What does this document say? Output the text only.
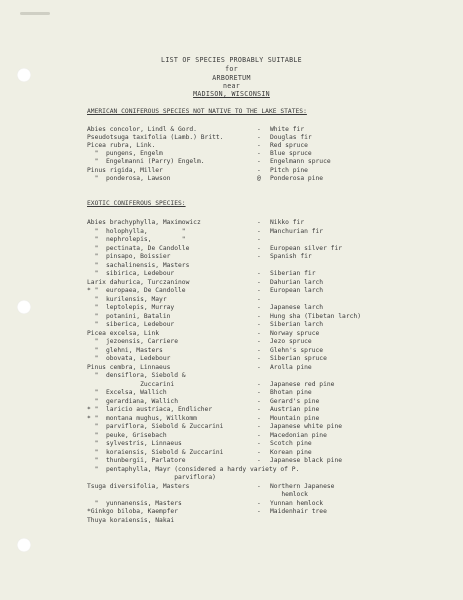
LIST OF SPECIES PROBABLY SUITABLE
for
ARBORETUM
near
MADISON, WISCONSIN
AMERICAN CONIFEROUS SPECIES NOT NATIVE TO THE LAKE STATES:
Abies concolor, Lindl & Gord.	- White fir
Pseudotsuga taxifolia (Lamb.) Britt.	- Douglas fir
Picea rubra, Link.	- Red spruce
"  pungens, Engelm	- Blue spruce
"  Engelmanni (Parry) Engelm.	- Engelmann spruce
Pinus rigida, Miller	- Pitch pine
"  ponderosa, Lawson	@ Ponderosa pine
EXOTIC CONIFEROUS SPECIES:
Abies brachyphylla, Maximowicz	- Nikko fir
"  holophylla,         "	- Manchurian fir
"  nephrolepis,        "	-
"  pectinata, De Candolle	- European silver fir
"  pinsapo, Boissier	- Spanish fir
"  sachalinensis, Masters
"  sibirica, Ledebour	- Siberian fir
Larix dahurica, Turczaninow	- Dahurian larch
* "  europaea, De Candolle	- European larch
"  kurilensis, Mayr	-
"  leptolepis, Murray	- Japanese larch
"  potanini, Batalin	- Hung sha (Tibetan larch)
"  siberica, Ledebour	- Siberian larch
Picea excelsa, Link	- Norway spruce
"  jezoensis, Carriere	- Jezo spruce
"  glehni, Masters	- Glehn's spruce
"  obovata, Ledebour	- Siberian spruce
Pinus cembra, Linnaeus	- Arolla pine
"  densiflora, Siebold &
Zuccarini	- Japanese red pine
"  Excelsa, Wallich	- Bhotan pine
"  gerardiana, Wallich	- Gerard's pine
* "  laricio austriaca, Endlicher	- Austrian pine
* "  montana mughus, Willkomm	- Mountain pine
"  parviflora, Siebold & Zuccarini	- Japanese white pine
"  peuke, Grisebach	- Macedonian pine
"  sylvestris, Linnaeus	- Scotch pine
"  koraiensis, Siebold & Zuccarini	- Korean pine
"  thunbergii, Parlatore	- Japanese black pine
"  pentaphylla, Mayr (considered a hardy variety of P.
parviflora)
Tsuga diversifolia, Masters	- Northern Japanese
hemlock
"  yunnanensis, Masters	- Yunnan hemlock
*Ginkgo biloba, Kaempfer	- Maidenhair tree
Thuya koraiensis, Nakai
